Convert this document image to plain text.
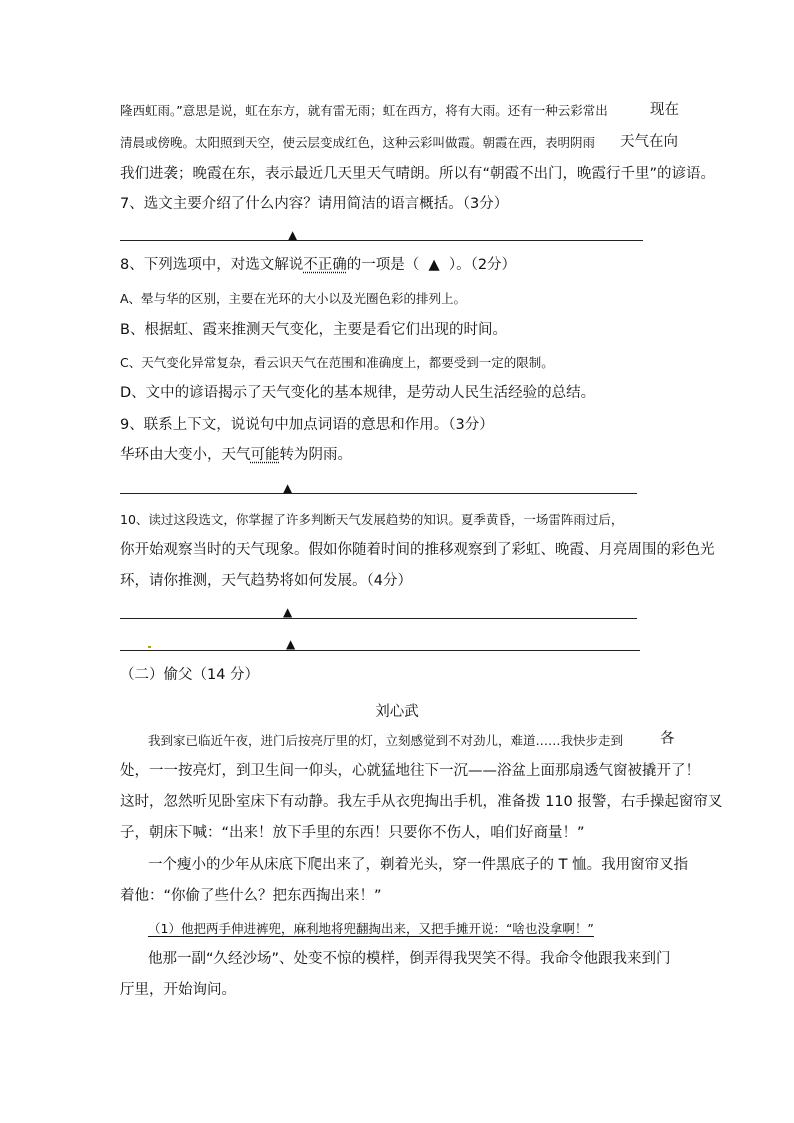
隆西虹雨。”意思是说，虹在东方，就有雷无雨；虹在西方，将有大雨。还有一种云彩常出	现在
清晨或傍晚。太阳照到天空，使云层变成红色，这种云彩叫做霞。朝霞在西，表明阴雨 天气在向
我们进袭；晚霞在东，表示最近几天里天气晴朗。所以有“朝霞不出门，晚霞行千里”的谚语。
7、选文主要介绍了什么内容？请用简洁的语言概括。（3分）
▲
8、下列选项中，对选文解说不正确的一项是（ ▲ ）。（2分）
A、晕与华的区别，主要在光环的大小以及光圈色彩的排列上。
B、根据虹、霞来推测天气变化，主要是看它们出现的时间。
C、天气变化异常复杂，看云识天气在范围和准确度上，都要受到一定的限制。
D、文中的谚语揭示了天气变化的基本规律，是劳动人民生活经验的总结。
9、联系上下文，说说句中加点词语的意思和作用。（3分）
华环由大变小，天气可能转为阴雨。
▲
10、读过这段选文，你掌握了许多判断天气发展趋势的知识。夏季黄昏，一场雷阵雨过后，
你开始观察当时的天气现象。假如你随着时间的推移观察到了彩虹、晚霞、月亮周围的彩色光
环，请你推测，天气趋势将如何发展。（4分）
▲
▲
（二）偷父（14 分）
刘心武
我到家已临近午夜，进门后按亮厅里的灯，立刻感觉到不对劲儿，难道……我快步走到	各
处，一一按亮灯，到卫生间一仰头，心就猛地往下一沉——浴盆上面那扇透气窗被撬开了！
这时，忽然听见卧室床下有动静。我左手从衣兜掏出手机，准备拨 110 报警，右手操起窗帘叉
子，朝床下喊：“出来！放下手里的东西！只要你不伤人，咱们好商量！”
一个瘦小的少年从床底下爬出来了，剃着光头，穿一件黑底子的 T 恤。我用窗帘叉指
着他：“你偷了些什么？把东西掏出来！”
（1）他把两手伸进裤兜，麻利地将兜翻掏出来，又把手摊开说：“啥也没拿啊！”
他那一副“久经沙场”、处变不惊的模样，倒弄得我哭笑不得。我命令他跟我来到门
厅里，开始询问。
